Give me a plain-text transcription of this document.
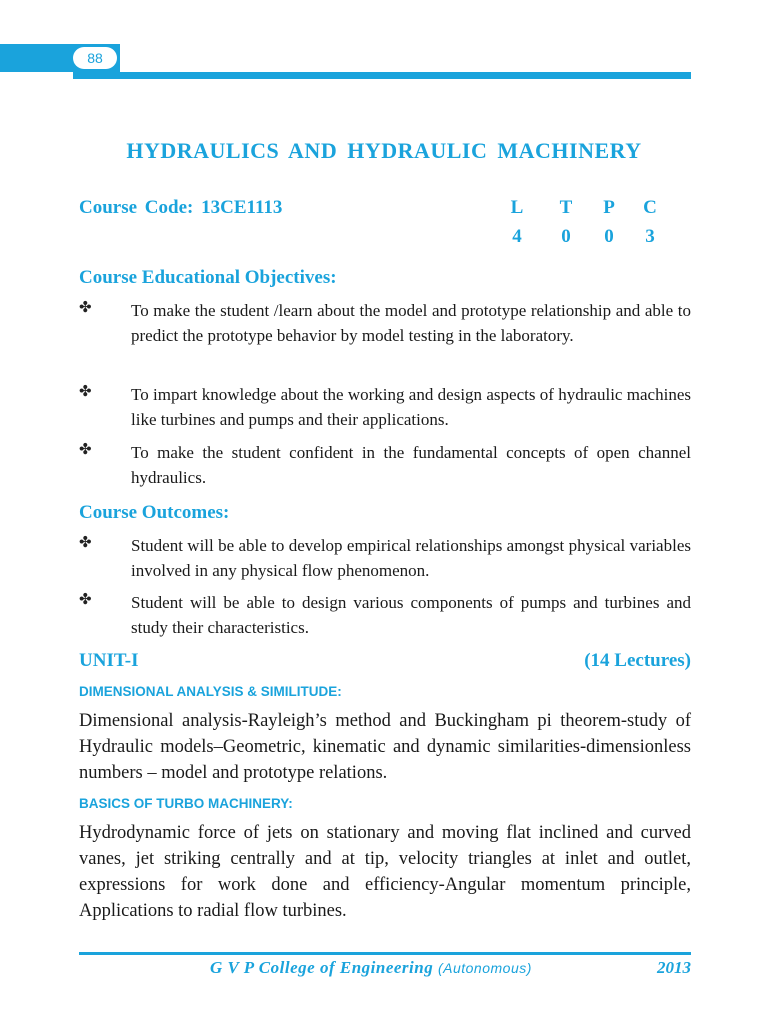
88
HYDRAULICS AND HYDRAULIC MACHINERY
Course Code: 13CE1113	L T P C
4 0 0 3
Course Educational Objectives:
✤ To make the student /learn about the model and prototype relationship and able to predict the prototype behavior by model testing in the laboratory.
✤ To impart knowledge about the working and design aspects of hydraulic machines like turbines and pumps and their applications.
✤ To make the student confident in the fundamental concepts of open channel hydraulics.
Course Outcomes:
✤ Student will be able to develop empirical relationships amongst physical variables involved in any physical flow phenomenon.
✤ Student will be able to design various components of pumps and turbines and study their characteristics.
UNIT-I	(14 Lectures)
DIMENSIONAL ANALYSIS & SIMILITUDE:
Dimensional analysis-Rayleigh’s method and Buckingham pi theorem-study of Hydraulic models–Geometric, kinematic and dynamic similarities-dimensionless numbers – model and prototype relations.
BASICS OF TURBO MACHINERY:
Hydrodynamic force of jets on stationary and moving flat inclined and curved vanes, jet striking centrally and at tip, velocity triangles at inlet and outlet, expressions for work done and efficiency-Angular momentum principle, Applications to radial flow turbines.
G V P College of Engineering (Autonomous)	2013
